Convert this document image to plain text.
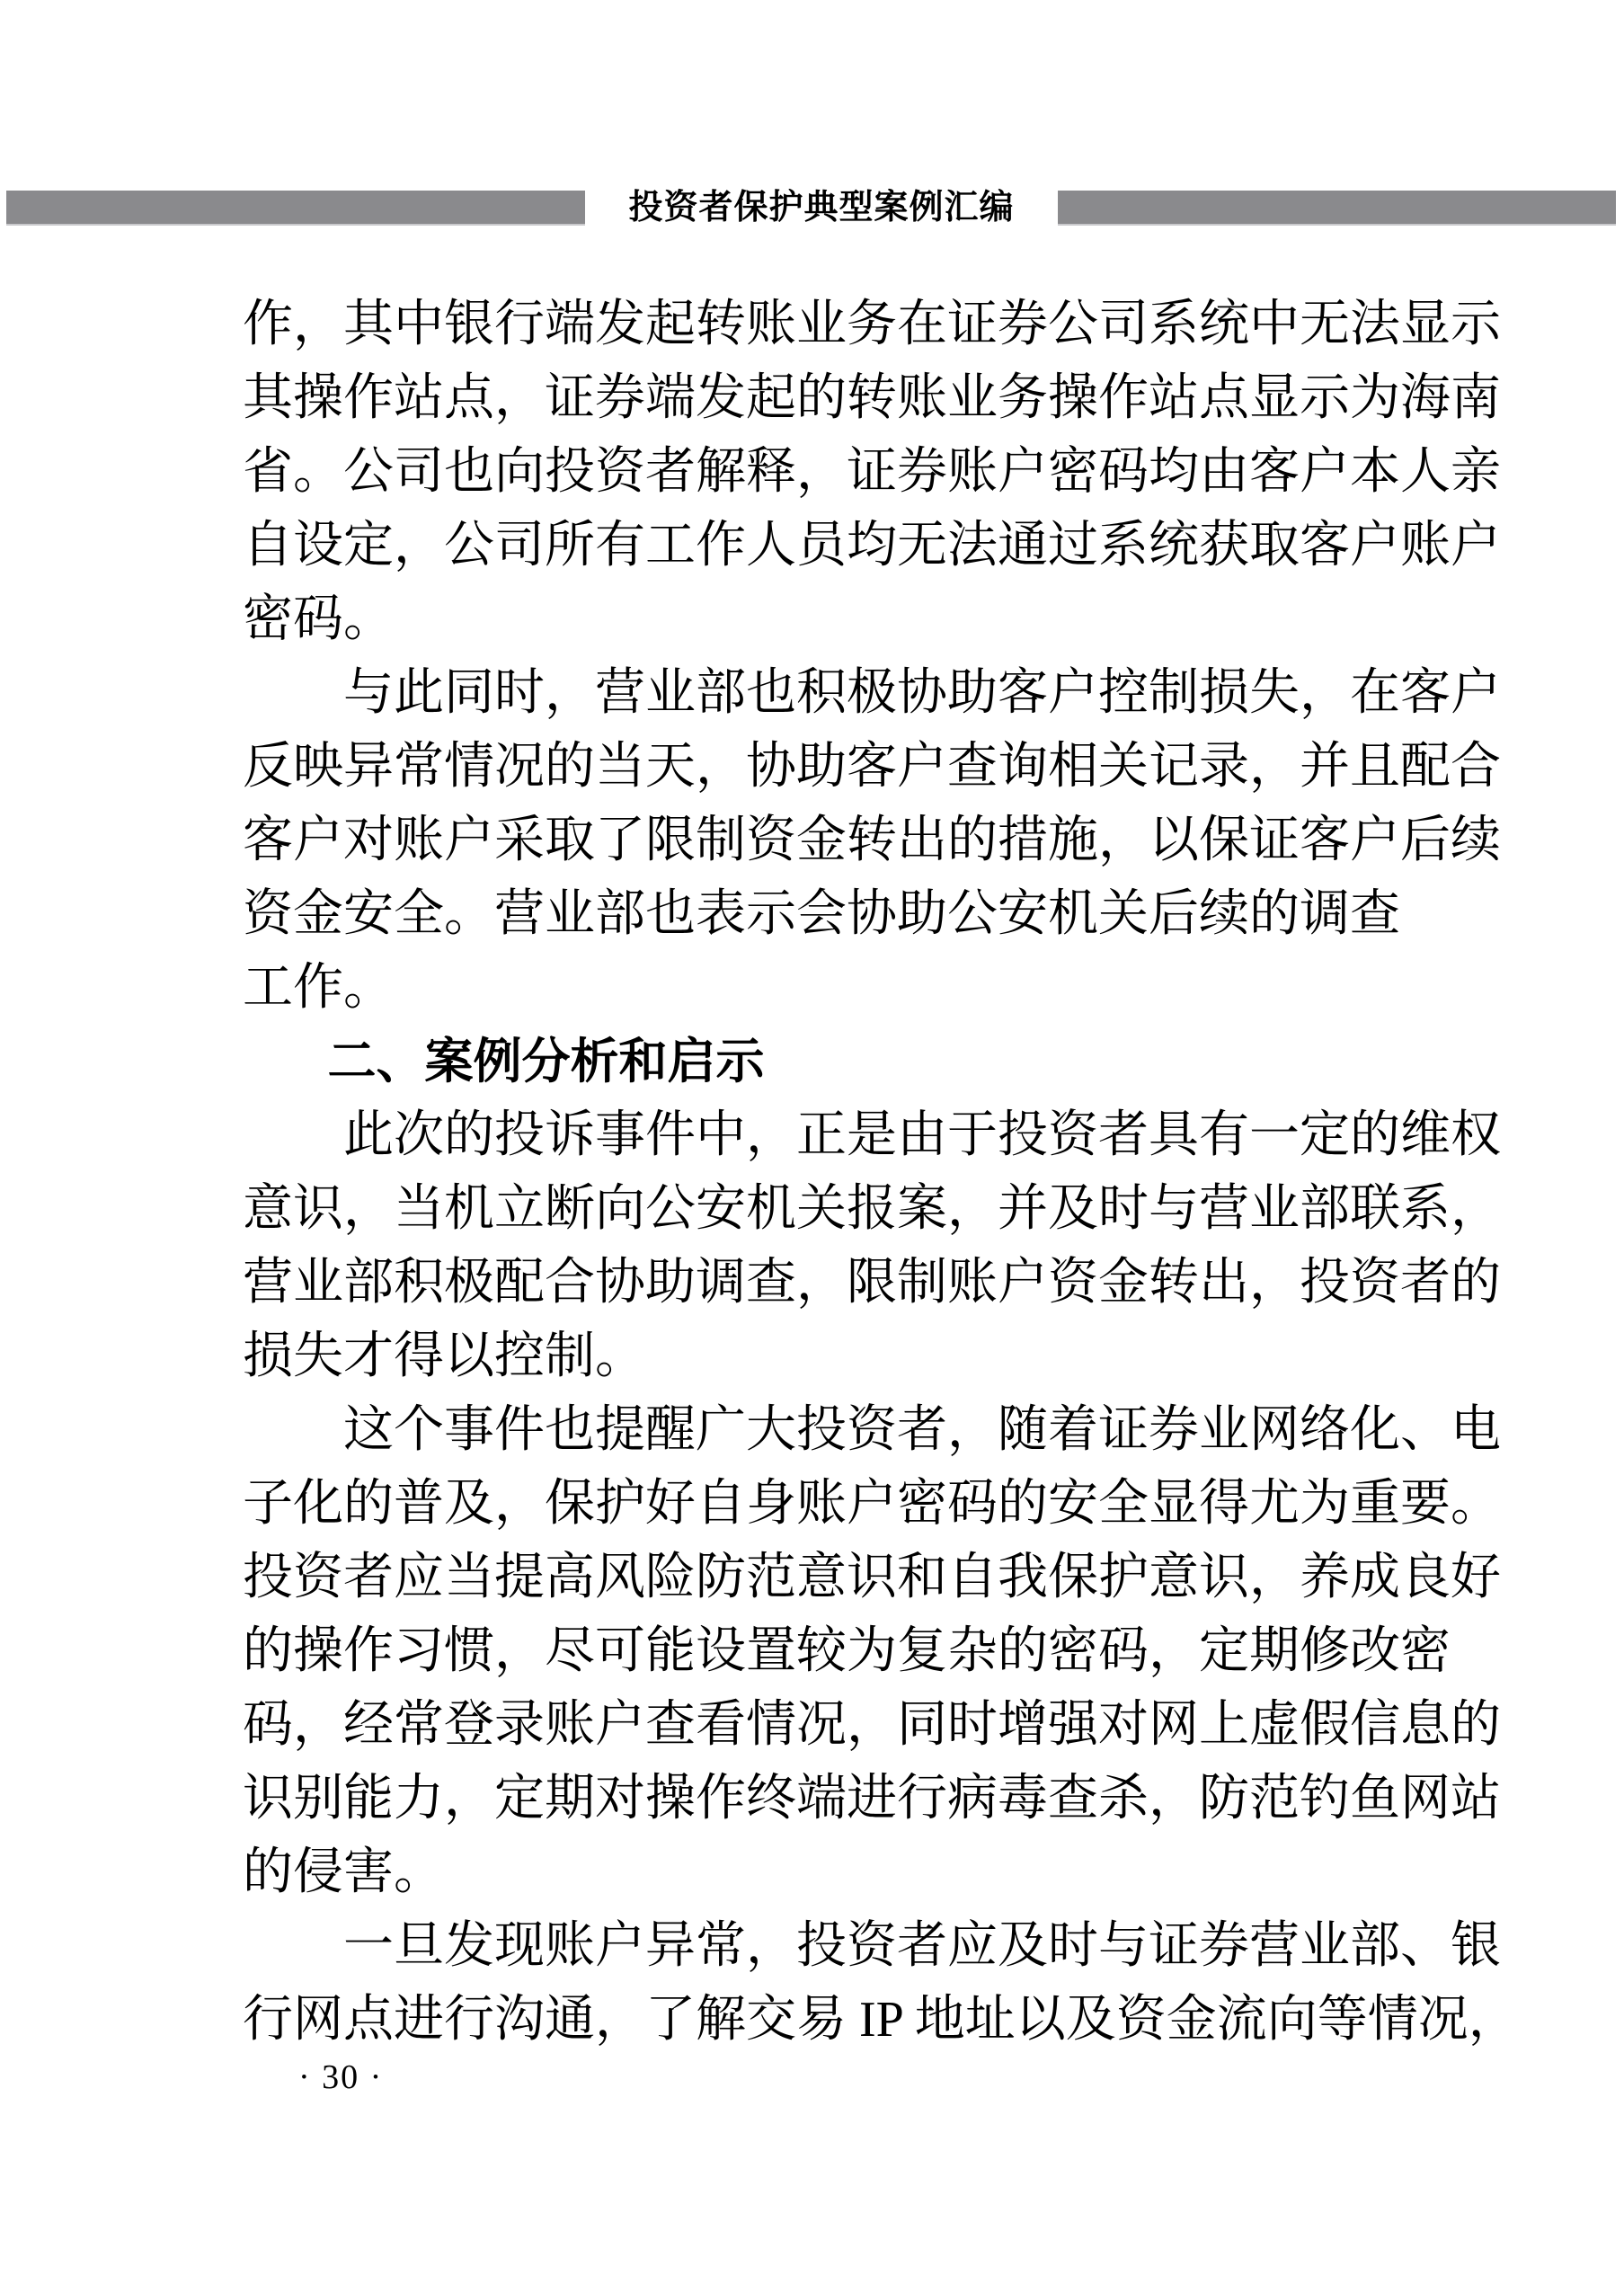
投资者保护典型案例汇编
作，其中银行端发起转账业务在证券公司系统中无法显示
其操作站点，证券端发起的转账业务操作站点显示为海南
省。公司也向投资者解释，证券账户密码均由客户本人亲
自设定，公司所有工作人员均无法通过系统获取客户账户
密码。
与此同时，营业部也积极协助客户控制损失，在客户
反映异常情况的当天，协助客户查询相关记录，并且配合
客户对账户采取了限制资金转出的措施，以保证客户后续
资金安全。营业部也表示会协助公安机关后续的调查
工作。
二、案例分析和启示
此次的投诉事件中，正是由于投资者具有一定的维权
意识，当机立断向公安机关报案，并及时与营业部联系，
营业部积极配合协助调查，限制账户资金转出，投资者的
损失才得以控制。
这个事件也提醒广大投资者，随着证券业网络化、电
子化的普及，保护好自身账户密码的安全显得尤为重要。
投资者应当提高风险防范意识和自我保护意识，养成良好
的操作习惯，尽可能设置较为复杂的密码，定期修改密
码，经常登录账户查看情况，同时增强对网上虚假信息的
识别能力，定期对操作终端进行病毒查杀，防范钓鱼网站
的侵害。
一旦发现账户异常，投资者应及时与证券营业部、银
行网点进行沟通，了解交易 IP 地址以及资金流向等情况，
· 30 ·
